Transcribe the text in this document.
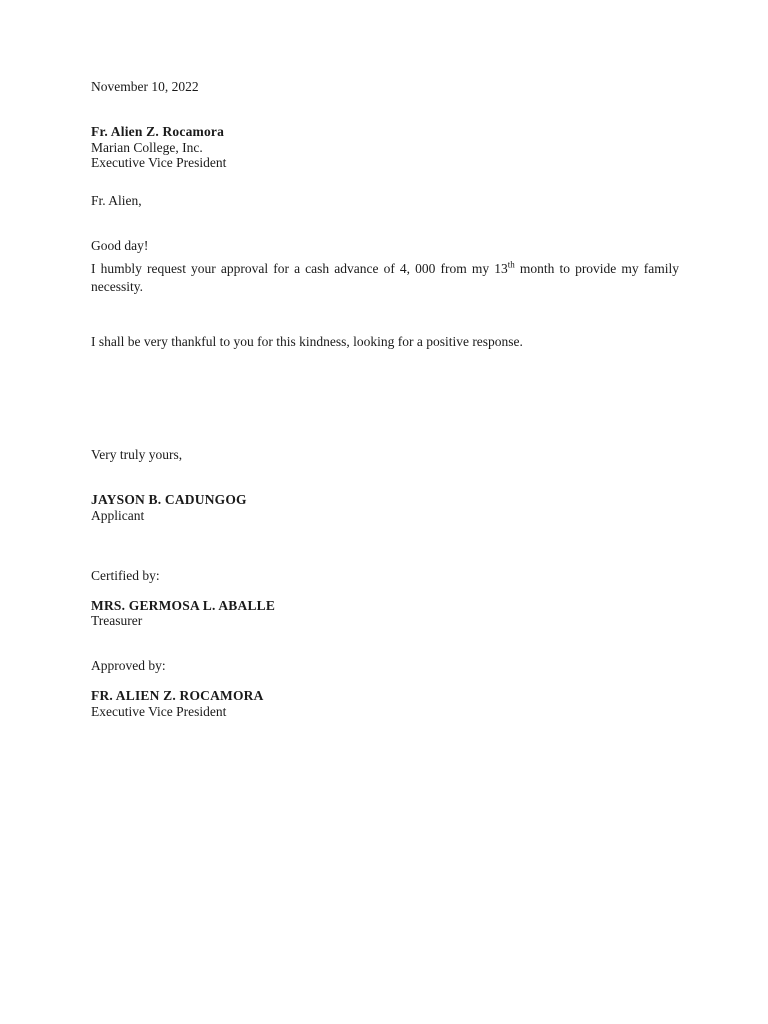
November 10, 2022
Fr. Alien Z. Rocamora
Marian College, Inc.
Executive Vice President
Fr. Alien,
Good day!
I humbly request your approval for a cash advance of 4, 000 from my 13th month to provide my family necessity.
I shall be very thankful to you for this kindness, looking for a positive response.
Very truly yours,
JAYSON B. CADUNGOG
Applicant
Certified by:
MRS. GERMOSA L. ABALLE
Treasurer
Approved by:
FR. ALIEN Z. ROCAMORA
Executive Vice President
